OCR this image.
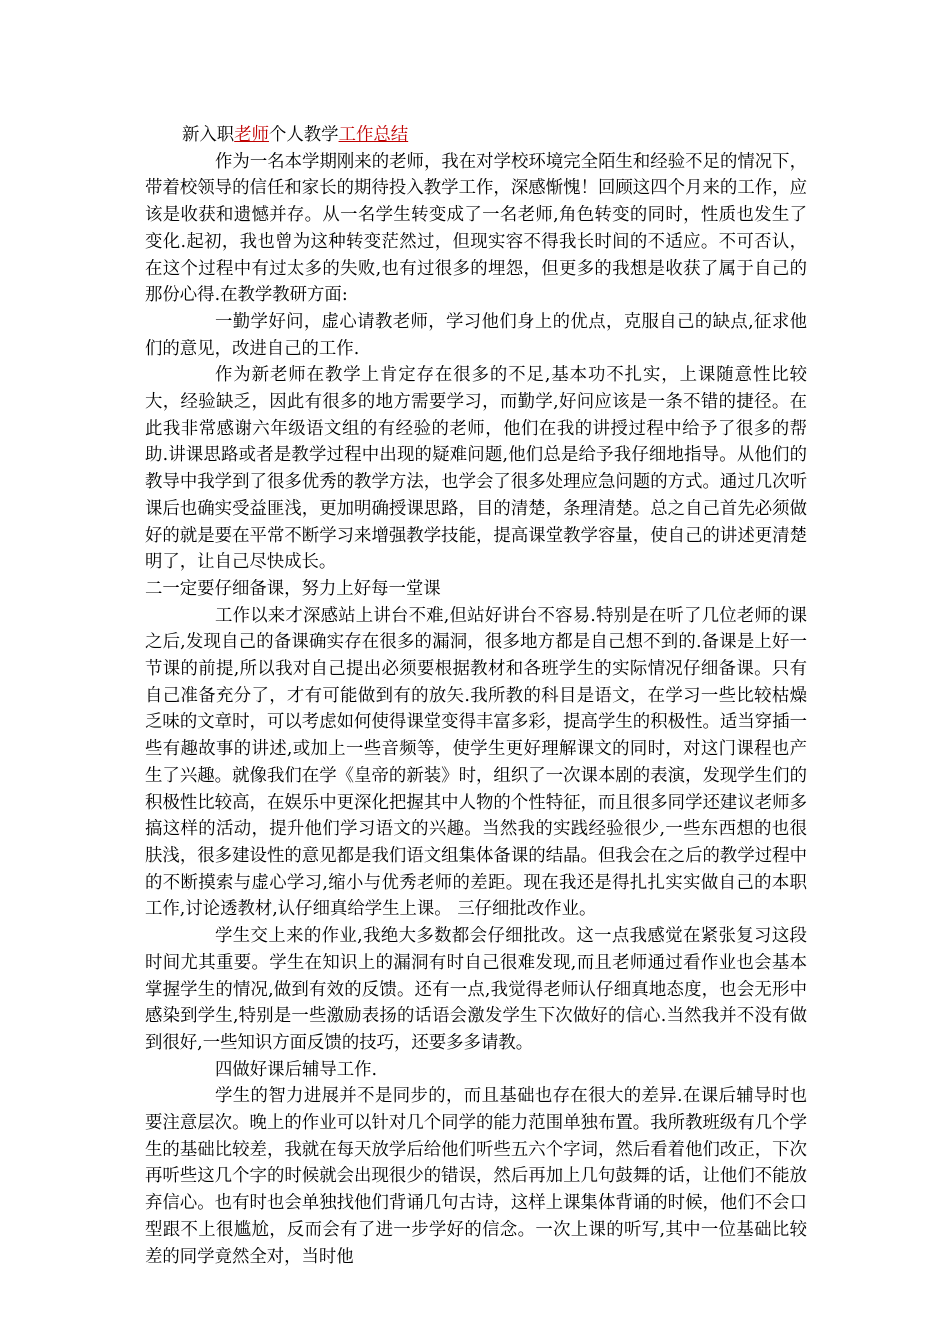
新入职老师个人教学工作总结

作为一名本学期刚来的老师，我在对学校环境完全陌生和经验不足的情况下，带着校领导的信任和家长的期待投入教学工作，深感惭愧！回顾这四个月来的工作，应该是收获和遗憾并存。从一名学生转变成了一名老师,角色转变的同时，性质也发生了变化.起初，我也曾为这种转变茫然过，但现实容不得我长时间的不适应。不可否认，在这个过程中有过太多的失败,也有过很多的埋怨，但更多的我想是收获了属于自己的那份心得.在教学教研方面:

一勤学好问，虚心请教老师，学习他们身上的优点，克服自己的缺点,征求他们的意见，改进自己的工作.

作为新老师在教学上肯定存在很多的不足,基本功不扎实，上课随意性比较大，经验缺乏，因此有很多的地方需要学习，而勤学,好问应该是一条不错的捷径。在此我非常感谢六年级语文组的有经验的老师，他们在我的讲授过程中给予了很多的帮助.讲课思路或者是教学过程中出现的疑难问题,他们总是给予我仔细地指导。从他们的教导中我学到了很多优秀的教学方法，也学会了很多处理应急问题的方式。通过几次听课后也确实受益匪浅，更加明确授课思路，目的清楚，条理清楚。总之自己首先必须做好的就是要在平常不断学习来增强教学技能，提高课堂教学容量，使自己的讲述更清楚明了，让自己尽快成长。

二一定要仔细备课，努力上好每一堂课

工作以来才深感站上讲台不难,但站好讲台不容易.特别是在听了几位老师的课之后,发现自己的备课确实存在很多的漏洞，很多地方都是自己想不到的.备课是上好一节课的前提,所以我对自己提出必须要根据教材和各班学生的实际情况仔细备课。只有自己准备充分了，才有可能做到有的放矢.我所教的科目是语文，在学习一些比较枯燥乏味的文章时，可以考虑如何使得课堂变得丰富多彩，提高学生的积极性。适当穿插一些有趣故事的讲述,或加上一些音频等，使学生更好理解课文的同时，对这门课程也产生了兴趣。就像我们在学《皇帝的新装》时，组织了一次课本剧的表演，发现学生们的积极性比较高，在娱乐中更深化把握其中人物的个性特征，而且很多同学还建议老师多搞这样的活动，提升他们学习语文的兴趣。当然我的实践经验很少,一些东西想的也很肤浅，很多建设性的意见都是我们语文组集体备课的结晶。但我会在之后的教学过程中的不断摸索与虚心学习,缩小与优秀老师的差距。现在我还是得扎扎实实做自己的本职工作,讨论透教材,认仔细真给学生上课。 三仔细批改作业。

学生交上来的作业,我绝大多数都会仔细批改。这一点我感觉在紧张复习这段时间尤其重要。学生在知识上的漏洞有时自己很难发现,而且老师通过看作业也会基本掌握学生的情况,做到有效的反馈。还有一点,我觉得老师认仔细真地态度，也会无形中感染到学生,特别是一些激励表扬的话语会激发学生下次做好的信心.当然我并不没有做到很好,一些知识方面反馈的技巧，还要多多请教。

四做好课后辅导工作.

学生的智力进展并不是同步的，而且基础也存在很大的差异.在课后辅导时也要注意层次。晚上的作业可以针对几个同学的能力范围单独布置。我所教班级有几个学生的基础比较差，我就在每天放学后给他们听些五六个字词，然后看着他们改正，下次再听些这几个字的时候就会出现很少的错误，然后再加上几句鼓舞的话，让他们不能放弃信心。也有时也会单独找他们背诵几句古诗，这样上课集体背诵的时候，他们不会口型跟不上很尴尬，反而会有了进一步学好的信念。一次上课的听写,其中一位基础比较差的同学竟然全对，当时他
